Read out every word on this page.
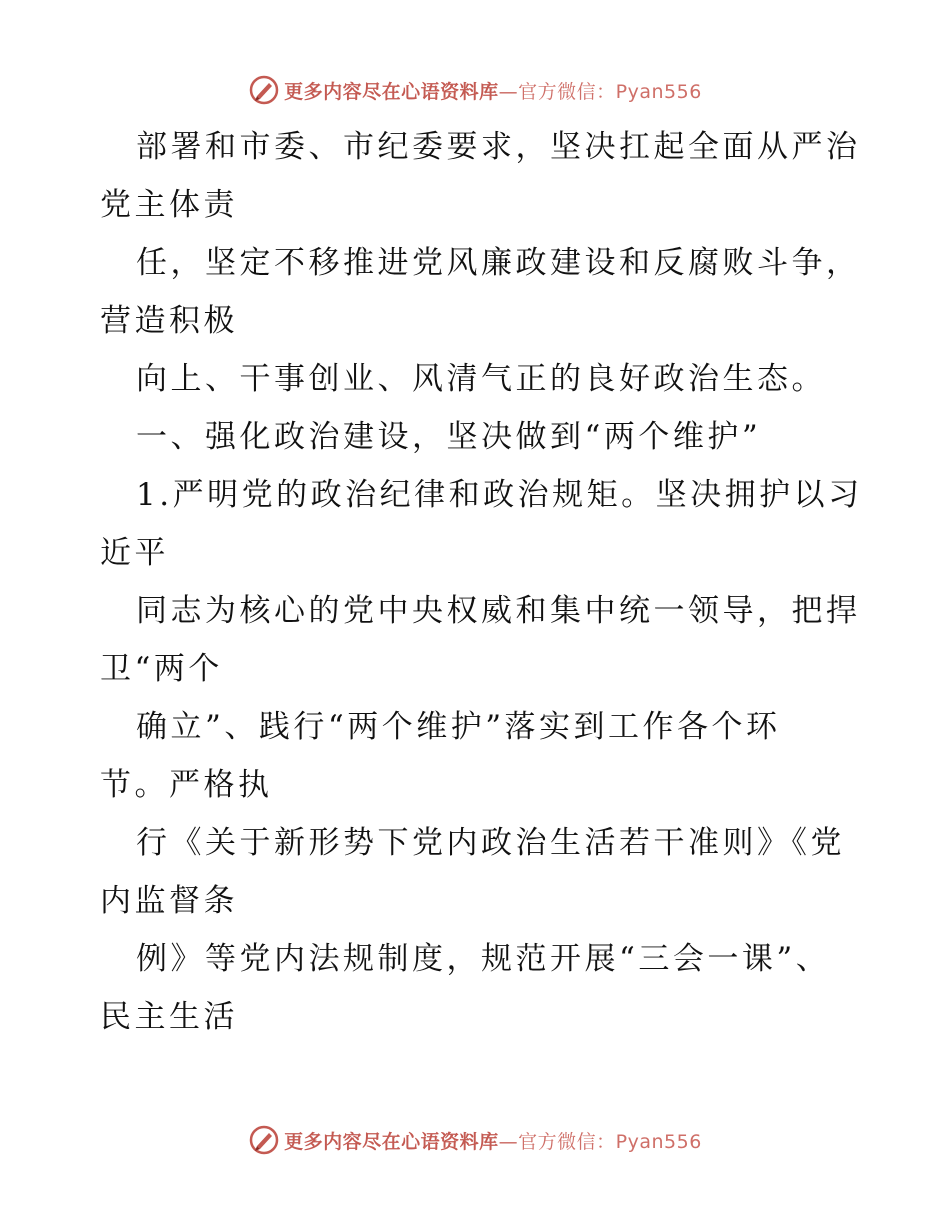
更多内容尽在心语资料库—官方微信：Pyan556
部署和市委、市纪委要求，坚决扛起全面从严治
党主体责
任，坚定不移推进党风廉政建设和反腐败斗争，
营造积极
向上、干事创业、风清气正的良好政治生态。
一、强化政治建设，坚决做到“两个维护”
1.严明党的政治纪律和政治规矩。坚决拥护以习
近平
同志为核心的党中央权威和集中统一领导，把捍
卫“两个
确立”、践行“两个维护”落实到工作各个环
节。严格执
行《关于新形势下党内政治生活若干准则》《党
内监督条
例》等党内法规制度，规范开展“三会一课”、
民主生活
更多内容尽在心语资料库—官方微信：Pyan556
